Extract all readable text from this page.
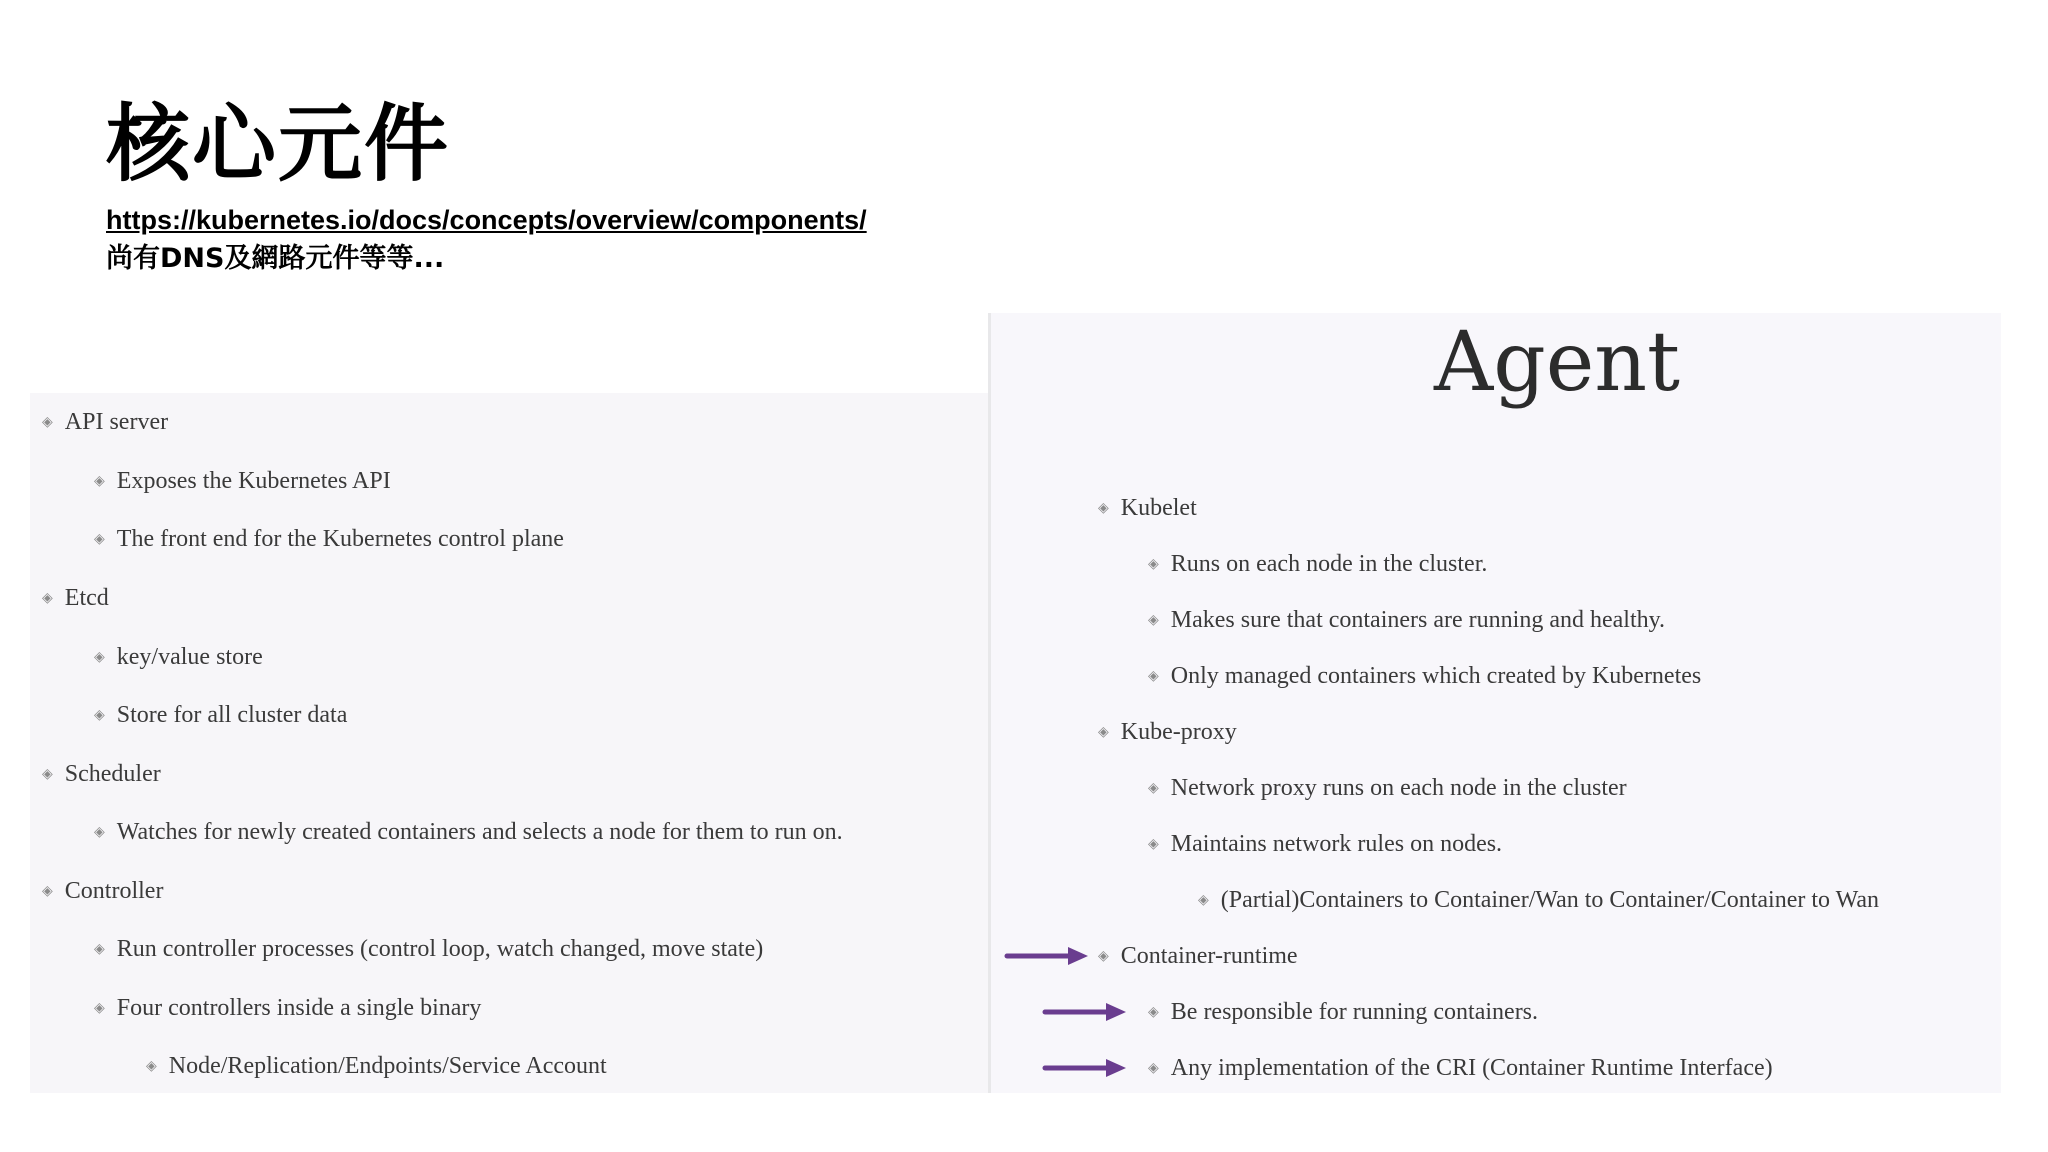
核心元件
https://kubernetes.io/docs/concepts/overview/components/
尚有DNS及網路元件等等...
Agent
◈ API server
◈ Exposes the Kubernetes API
◈ The front end for the Kubernetes control plane
◈ Etcd
◈ key/value store
◈ Store for all cluster data
◈ Scheduler
◈ Watches for newly created containers and selects a node for them to run on.
◈ Controller
◈ Run controller processes (control loop, watch changed, move state)
◈ Four controllers inside a single binary
◈ Node/Replication/Endpoints/Service Account
◈ Kubelet
◈ Runs on each node in the cluster.
◈ Makes sure that containers are running and healthy.
◈ Only managed containers which created by Kubernetes
◈ Kube-proxy
◈ Network proxy runs on each node in the cluster
◈ Maintains network rules on nodes.
◈ (Partial)Containers to Container/Wan to Container/Container to Wan
◈ Container-runtime
◈ Be responsible for running containers.
◈ Any implementation of the CRI (Container Runtime Interface)
